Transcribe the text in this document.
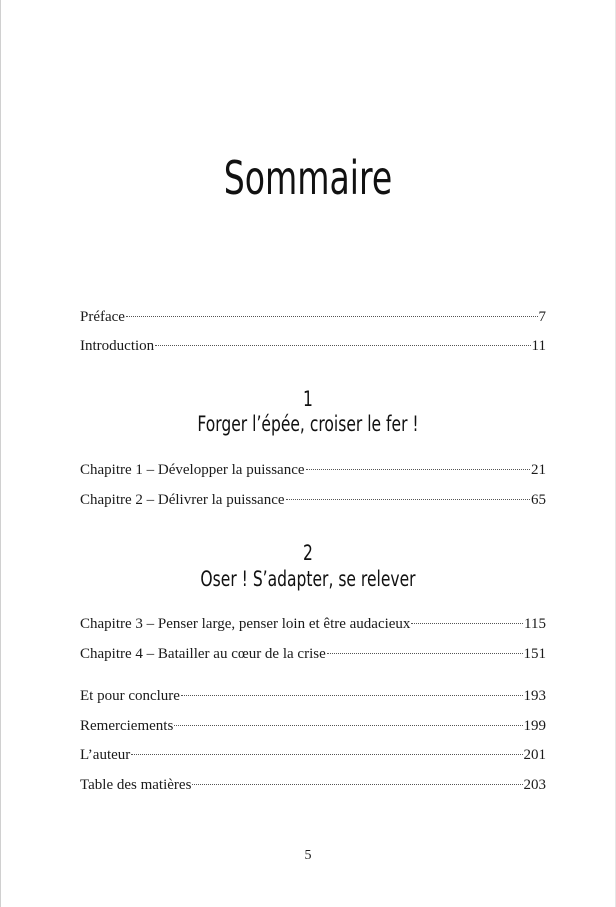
Sommaire
Préface	7
Introduction	11
1
Forger l’épée, croiser le fer !
Chapitre 1 – Développer la puissance	21
Chapitre 2 – Délivrer la puissance	65
2
Oser ! S’adapter, se relever
Chapitre 3 – Penser large, penser loin et être audacieux	115
Chapitre 4 – Batailler au cœur de la crise	151
Et pour conclure	193
Remerciements	199
L’auteur	201
Table des matières	203
5
